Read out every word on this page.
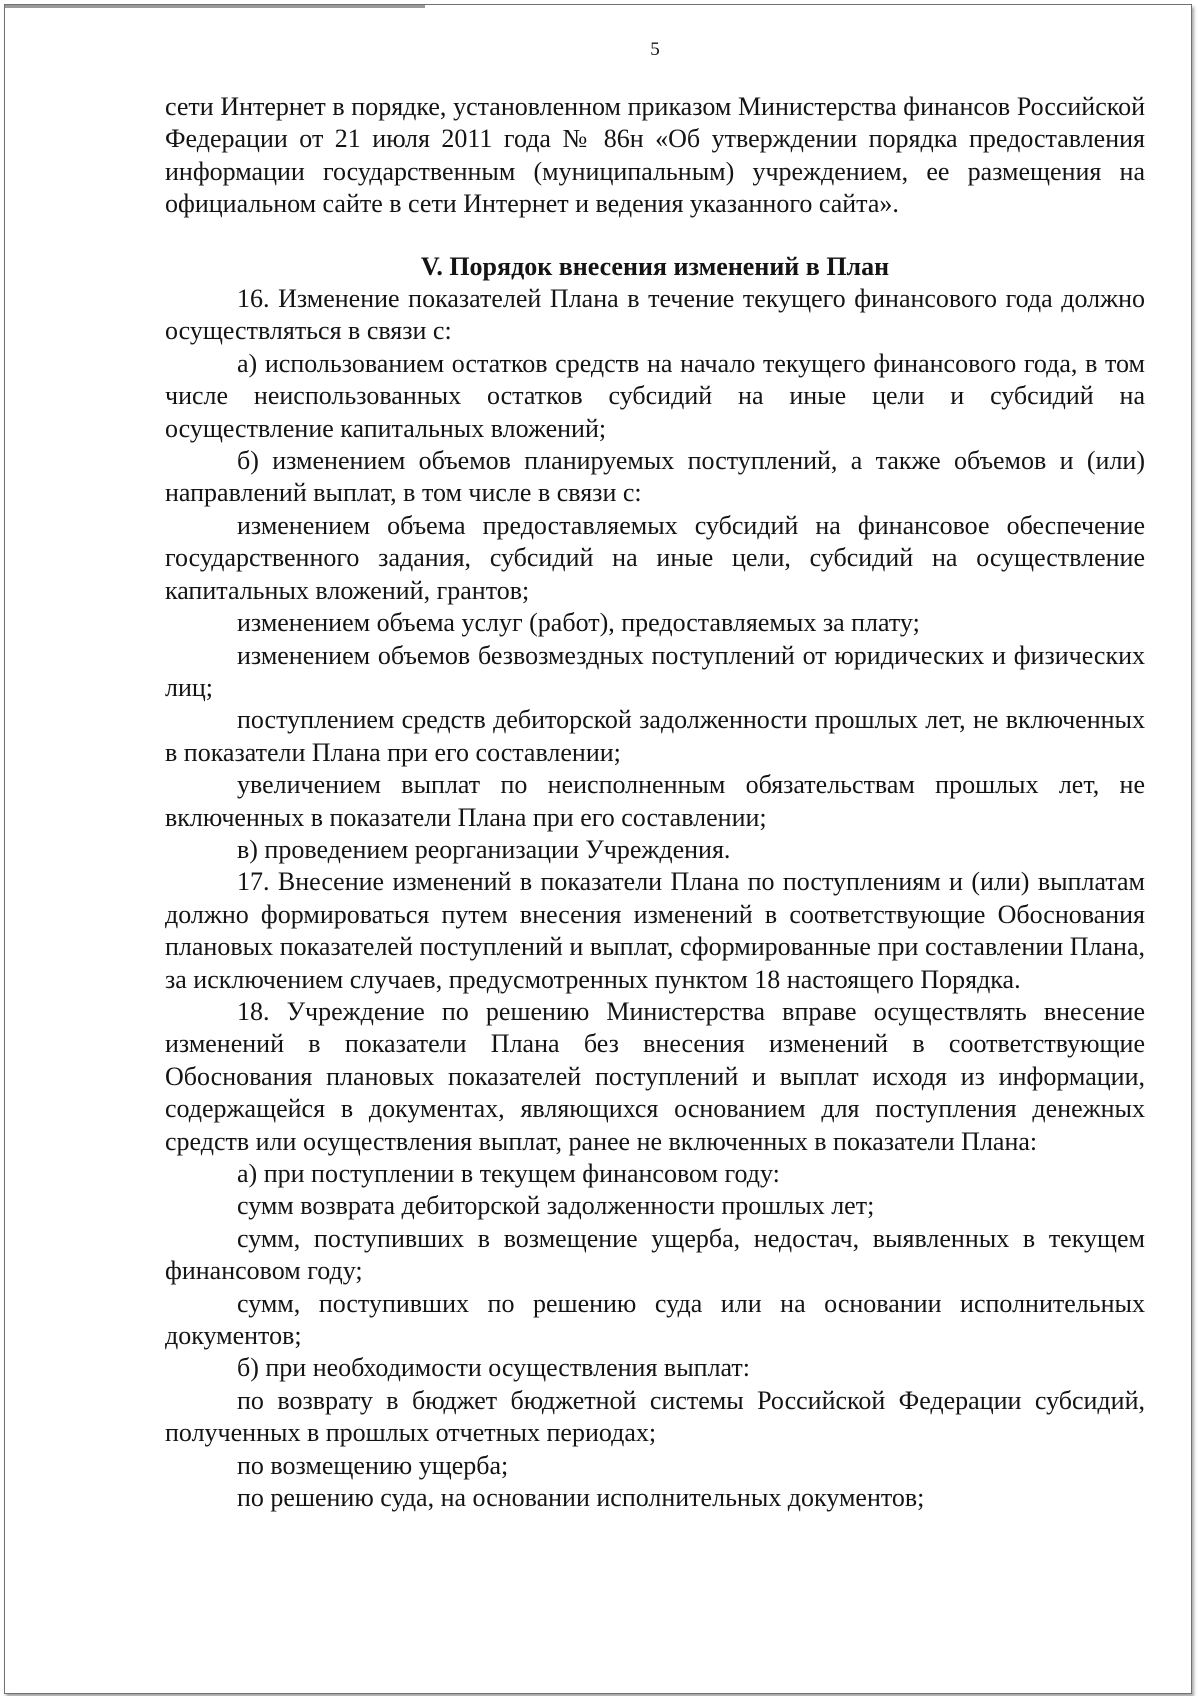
5

сети Интернет в порядке, установленном приказом Министерства финансов Российской Федерации от 21 июля 2011 года № 86н «Об утверждении порядка предоставления информации государственным (муниципальным) учреждением, ее размещения на официальном сайте в сети Интернет и ведения указанного сайта».

V. Порядок внесения изменений в План

16. Изменение показателей Плана в течение текущего финансового года должно осуществляться в связи с:

а) использованием остатков средств на начало текущего финансового года, в том числе неиспользованных остатков субсидий на иные цели и субсидий на осуществление капитальных вложений;

б) изменением объемов планируемых поступлений, а также объемов и (или) направлений выплат, в том числе в связи с:

изменением объема предоставляемых субсидий на финансовое обеспечение государственного задания, субсидий на иные цели, субсидий на осуществление капитальных вложений, грантов;

изменением объема услуг (работ), предоставляемых за плату;

изменением объемов безвозмездных поступлений от юридических и физических лиц;

поступлением средств дебиторской задолженности прошлых лет, не включенных в показатели Плана при его составлении;

увеличением выплат по неисполненным обязательствам прошлых лет, не включенных в показатели Плана при его составлении;

в) проведением реорганизации Учреждения.

17. Внесение изменений в показатели Плана по поступлениям и (или) выплатам должно формироваться путем внесения изменений в соответствующие Обоснования плановых показателей поступлений и выплат, сформированные при составлении Плана, за исключением случаев, предусмотренных пунктом 18 настоящего Порядка.

18. Учреждение по решению Министерства вправе осуществлять внесение изменений в показатели Плана без внесения изменений в соответствующие Обоснования плановых показателей поступлений и выплат исходя из информации, содержащейся в документах, являющихся основанием для поступления денежных средств или осуществления выплат, ранее не включенных в показатели Плана:

а) при поступлении в текущем финансовом году:

сумм возврата дебиторской задолженности прошлых лет;

сумм, поступивших в возмещение ущерба, недостач, выявленных в текущем финансовом году;

сумм, поступивших по решению суда или на основании исполнительных документов;

б) при необходимости осуществления выплат:

по возврату в бюджет бюджетной системы Российской Федерации субсидий, полученных в прошлых отчетных периодах;

по возмещению ущерба;

по решению суда, на основании исполнительных документов;
